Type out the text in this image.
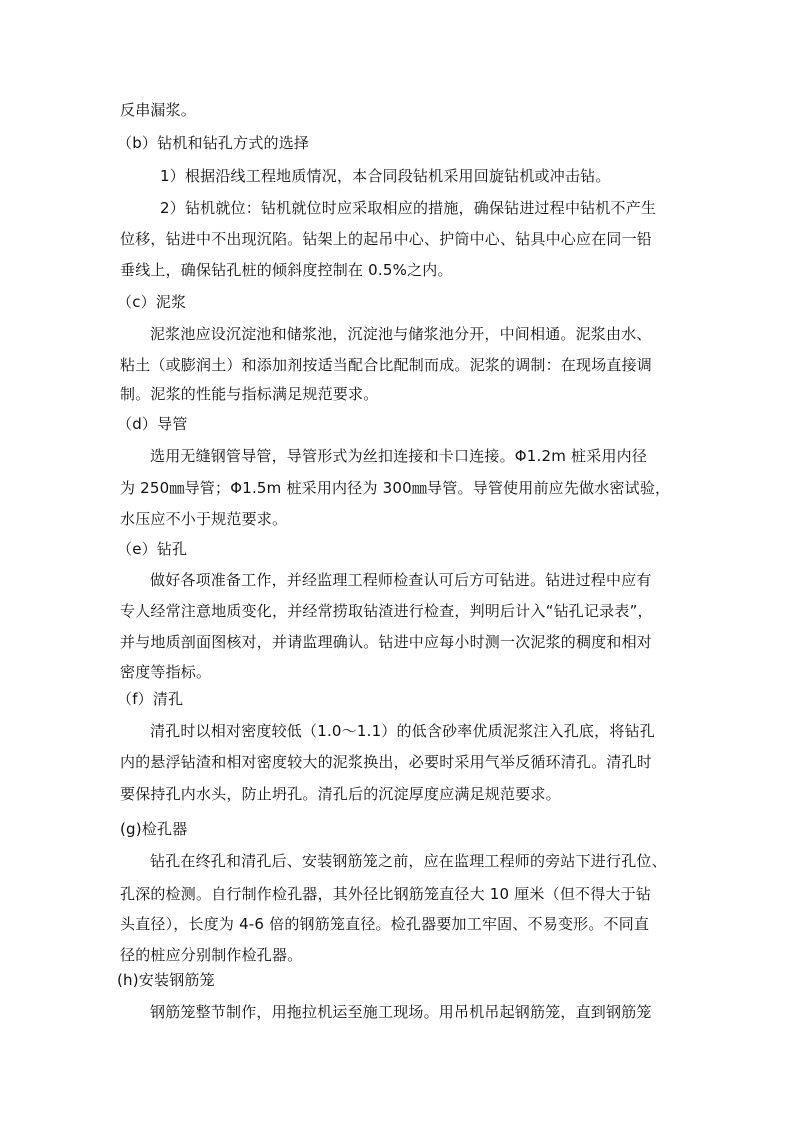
反串漏浆。
（b）钻机和钻孔方式的选择
1）根据沿线工程地质情况，本合同段钻机采用回旋钻机或冲击钻。
2）钻机就位：钻机就位时应采取相应的措施，确保钻进过程中钻机不产生
位移，钻进中不出现沉陷。钻架上的起吊中心、护筒中心、钻具中心应在同一铅
垂线上，确保钻孔桩的倾斜度控制在 0.5%之内。
（c）泥浆
泥浆池应设沉淀池和储浆池，沉淀池与储浆池分开，中间相通。泥浆由水、
粘土（或膨润土）和添加剂按适当配合比配制而成。泥浆的调制：在现场直接调
制。泥浆的性能与指标满足规范要求。
（d）导管
选用无缝钢管导管，导管形式为丝扣连接和卡口连接。Φ1.2m 桩采用内径
为 250㎜导管；Φ1.5m 桩采用内径为 300㎜导管。导管使用前应先做水密试验，
水压应不小于规范要求。
（e）钻孔
做好各项准备工作，并经监理工程师检查认可后方可钻进。钻进过程中应有
专人经常注意地质变化，并经常捞取钻渣进行检查，判明后计入“钻孔记录表”，
并与地质剖面图核对，并请监理确认。钻进中应每小时测一次泥浆的稠度和相对
密度等指标。
（f）清孔
清孔时以相对密度较低（1.0～1.1）的低含砂率优质泥浆注入孔底，将钻孔
内的悬浮钻渣和相对密度较大的泥浆换出，必要时采用气举反循环清孔。清孔时
要保持孔内水头，防止坍孔。清孔后的沉淀厚度应满足规范要求。
(g)检孔器
钻孔在终孔和清孔后、安装钢筋笼之前，应在监理工程师的旁站下进行孔位、
孔深的检测。自行制作检孔器，其外径比钢筋笼直径大 10 厘米（但不得大于钻
头直径），长度为 4-6 倍的钢筋笼直径。检孔器要加工牢固、不易变形。不同直
径的桩应分别制作检孔器。
(h)安装钢筋笼
钢筋笼整节制作，用拖拉机运至施工现场。用吊机吊起钢筋笼，直到钢筋笼
